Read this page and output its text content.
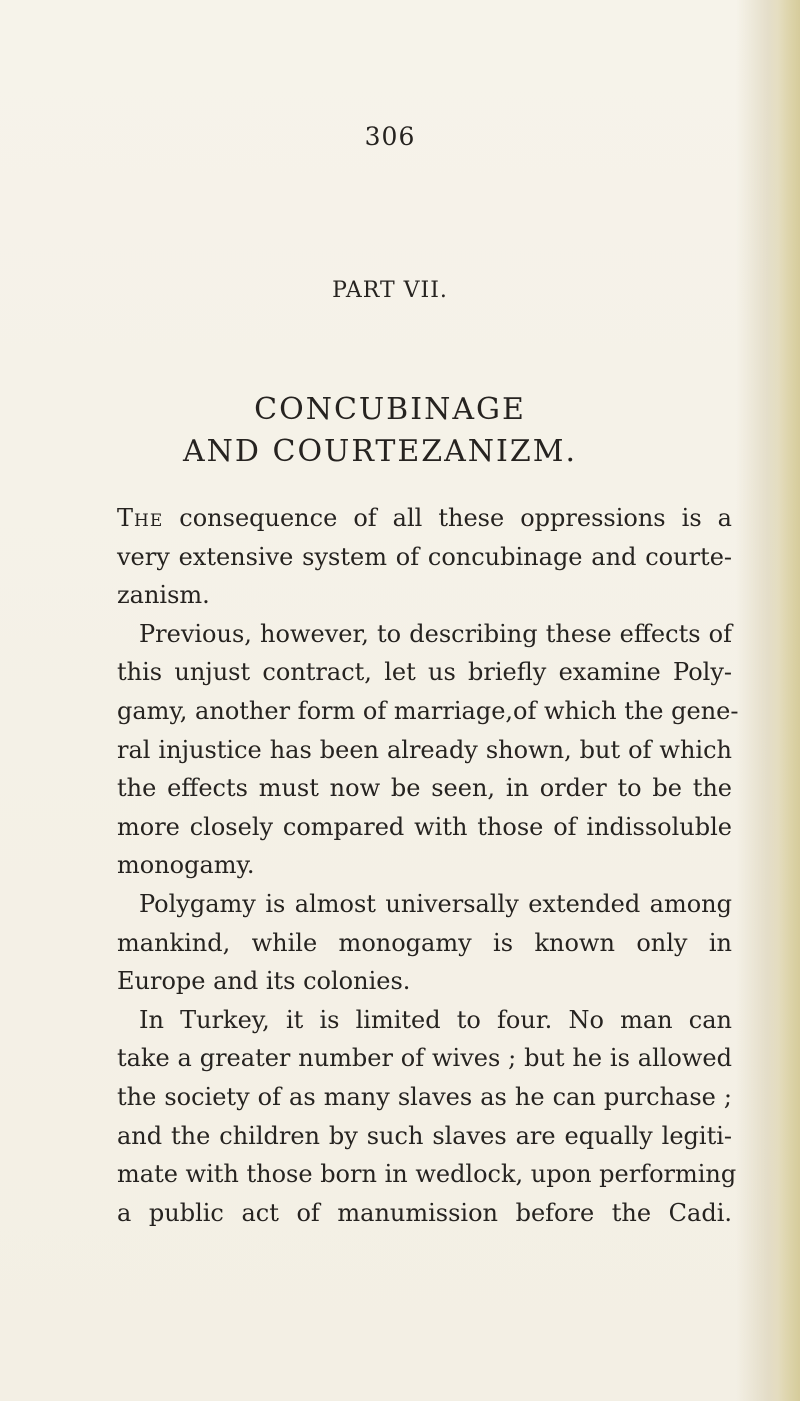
306
PART VII.
CONCUBINAGE
AND COURTEZANIZM.
The consequence of all these oppressions is a
very extensive system of concubinage and courte-
zanism.
Previous, however, to describing these effects of
this unjust contract, let us briefly examine Poly-
gamy, another form of marriage,of which the gene-
ral injustice has been already shown, but of which
the effects must now be seen, in order to be the
more closely compared with those of indissoluble
monogamy.
Polygamy is almost universally extended among
mankind, while monogamy is known only in
Europe and its colonies.
In Turkey, it is limited to four. No man can
take a greater number of wives ; but he is allowed
the society of as many slaves as he can purchase ;
and the children by such slaves are equally legiti-
mate with those born in wedlock, upon performing
a public act of manumission before the Cadi.
